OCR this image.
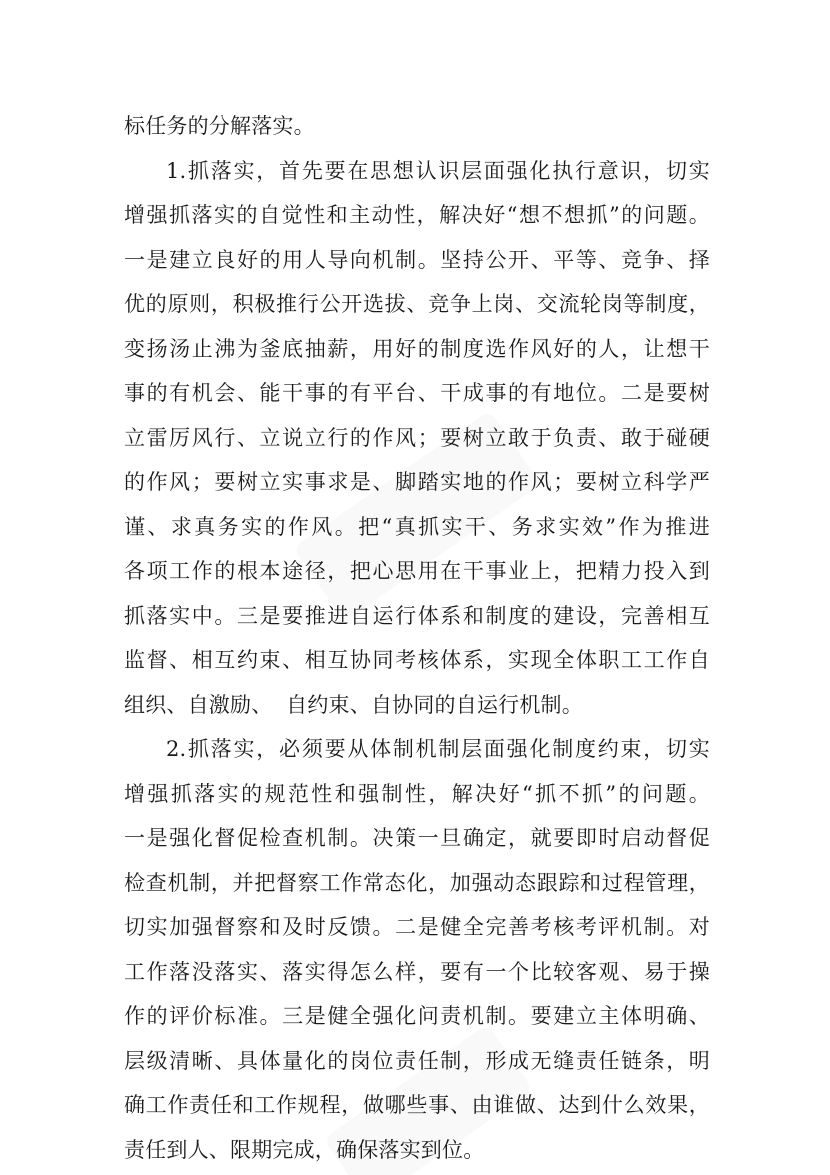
标任务的分解落实。
1.抓落实，首先要在思想认识层面强化执行意识，切实
增强抓落实的自觉性和主动性，解决好“想不想抓”的问题。
一是建立良好的用人导向机制。坚持公开、平等、竞争、择
优的原则，积极推行公开选拔、竞争上岗、交流轮岗等制度，
变扬汤止沸为釜底抽薪，用好的制度选作风好的人，让想干
事的有机会、能干事的有平台、干成事的有地位。二是要树
立雷厉风行、立说立行的作风；要树立敢于负责、敢于碰硬
的作风；要树立实事求是、脚踏实地的作风；要树立科学严
谨、求真务实的作风。把“真抓实干、务求实效”作为推进
各项工作的根本途径，把心思用在干事业上，把精力投入到
抓落实中。三是要推进自运行体系和制度的建设，完善相互
监督、相互约束、相互协同考核体系，实现全体职工工作自
组织、自激励、  自约束、自协同的自运行机制。
2.抓落实，必须要从体制机制层面强化制度约束，切实
增强抓落实的规范性和强制性，解决好“抓不抓”的问题。
一是强化督促检查机制。决策一旦确定，就要即时启动督促
检查机制，并把督察工作常态化，加强动态跟踪和过程管理，
切实加强督察和及时反馈。二是健全完善考核考评机制。对
工作落没落实、落实得怎么样，要有一个比较客观、易于操
作的评价标准。三是健全强化问责机制。要建立主体明确、
层级清晰、具体量化的岗位责任制，形成无缝责任链条，明
确工作责任和工作规程，做哪些事、由谁做、达到什么效果，
责任到人、限期完成，确保落实到位。
